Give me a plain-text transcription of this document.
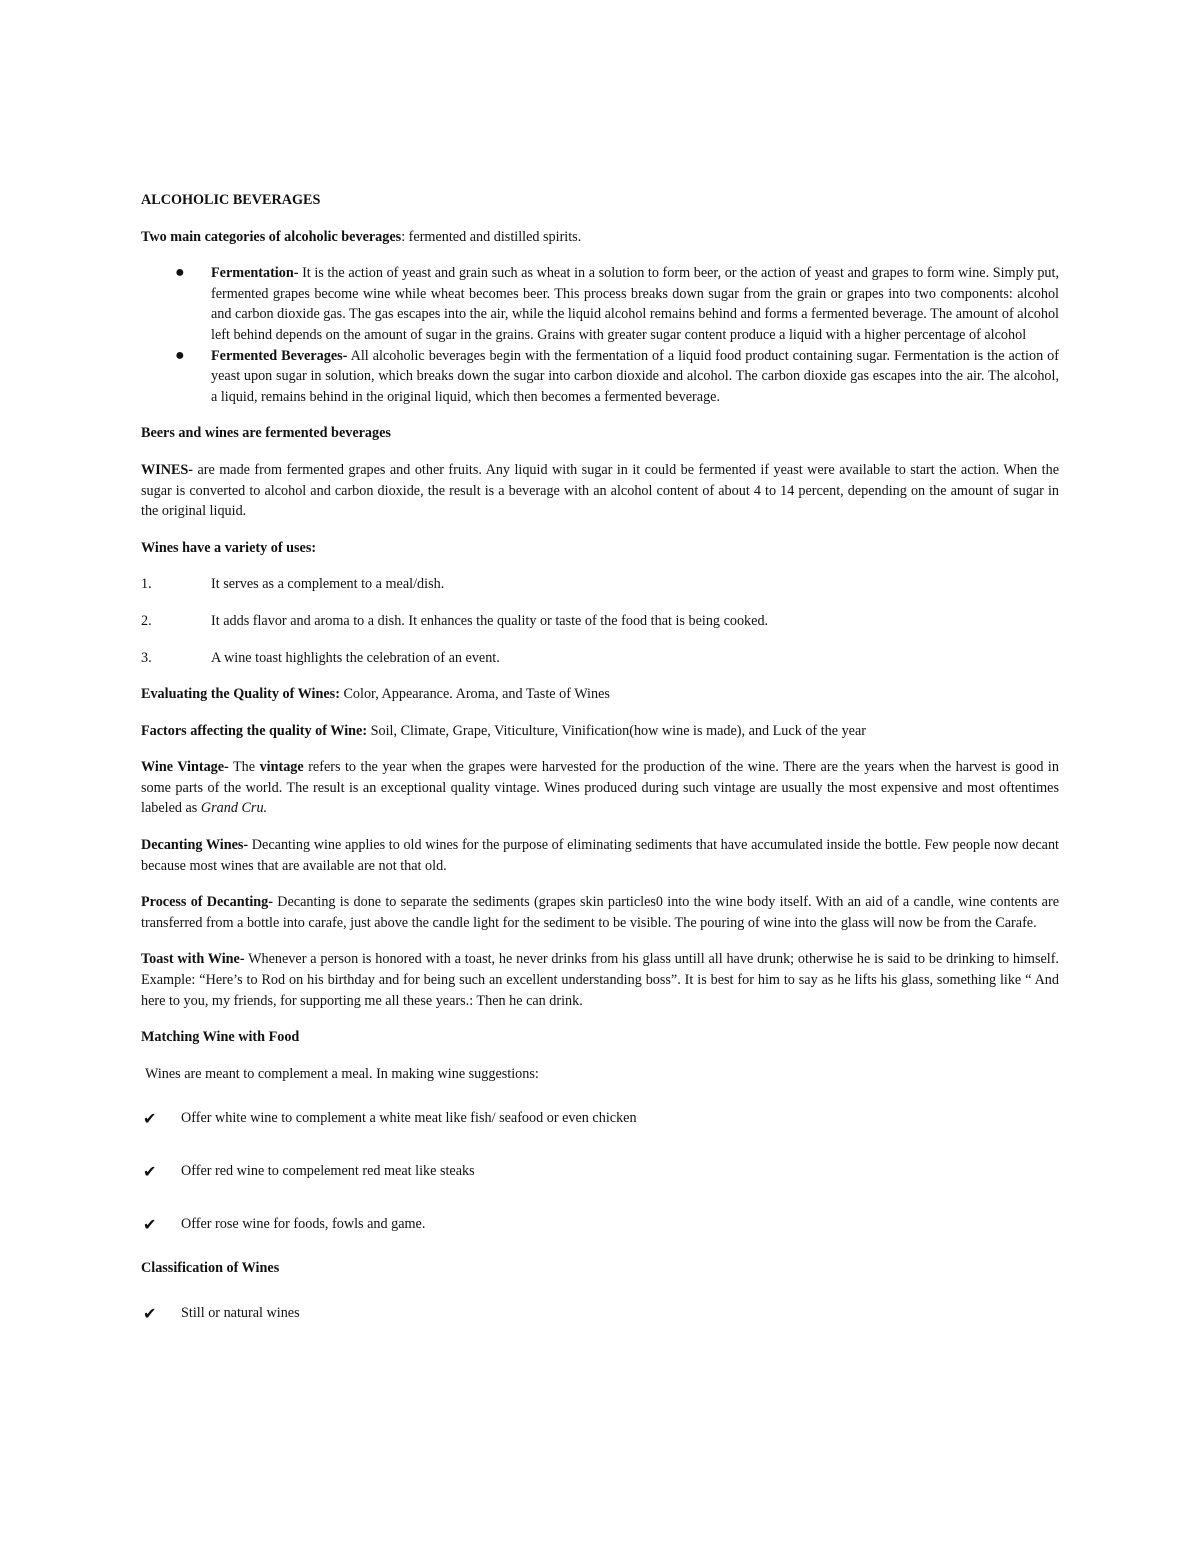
ALCOHOLIC BEVERAGES

Two main categories of alcoholic beverages: fermented and distilled spirits.

● Fermentation- It is the action of yeast and grain such as wheat in a solution to form beer, or the action of yeast and grapes to form wine. Simply put, fermented grapes become wine while wheat becomes beer. This process breaks down sugar from the grain or grapes into two components: alcohol and carbon dioxide gas. The gas escapes into the air, while the liquid alcohol remains behind and forms a fermented beverage. The amount of alcohol left behind depends on the amount of sugar in the grains. Grains with greater sugar content produce a liquid with a higher percentage of alcohol
● Fermented Beverages- All alcoholic beverages begin with the fermentation of a liquid food product containing sugar. Fermentation is the action of yeast upon sugar in solution, which breaks down the sugar into carbon dioxide and alcohol. The carbon dioxide gas escapes into the air. The alcohol, a liquid, remains behind in the original liquid, which then becomes a fermented beverage.

Beers and wines are fermented beverages

WINES- are made from fermented grapes and other fruits. Any liquid with sugar in it could be fermented if yeast were available to start the action. When the sugar is converted to alcohol and carbon dioxide, the result is a beverage with an alcohol content of about 4 to 14 percent, depending on the amount of sugar in the original liquid.

Wines have a variety of uses:

1.	It serves as a complement to a meal/dish.
2.	It adds flavor and aroma to a dish. It enhances the quality or taste of the food that is being cooked.
3.	A wine toast highlights the celebration of an event.

Evaluating the Quality of Wines: Color, Appearance. Aroma, and Taste of Wines

Factors affecting the quality of Wine: Soil, Climate, Grape, Viticulture, Vinification(how wine is made), and Luck of the year

Wine Vintage- The vintage refers to the year when the grapes were harvested for the production of the wine. There are the years when the harvest is good in some parts of the world. The result is an exceptional quality vintage. Wines produced during such vintage are usually the most expensive and most oftentimes labeled as Grand Cru.

Decanting Wines- Decanting wine applies to old wines for the purpose of eliminating sediments that have accumulated inside the bottle. Few people now decant because most wines that are available are not that old.

Process of Decanting- Decanting is done to separate the sediments (grapes skin particles0 into the wine body itself. With an aid of a candle, wine contents are transferred from a bottle into carafe, just above the candle light for the sediment to be visible. The pouring of wine into the glass will now be from the Carafe.

Toast with Wine- Whenever a person is honored with a toast, he never drinks from his glass untill all have drunk; otherwise he is said to be drinking to himself. Example: “Here’s to Rod on his birthday and for being such an excellent understanding boss”. It is best for him to say as he lifts his glass, something like “ And here to you, my friends, for supporting me all these years.: Then he can drink.

Matching Wine with Food

Wines are meant to complement a meal. In making wine suggestions:

✔ Offer white wine to complement a white meat like fish/ seafood or even chicken
✔ Offer red wine to compelement red meat like steaks
✔ Offer rose wine for foods, fowls and game.

Classification of Wines

✔ Still or natural wines
